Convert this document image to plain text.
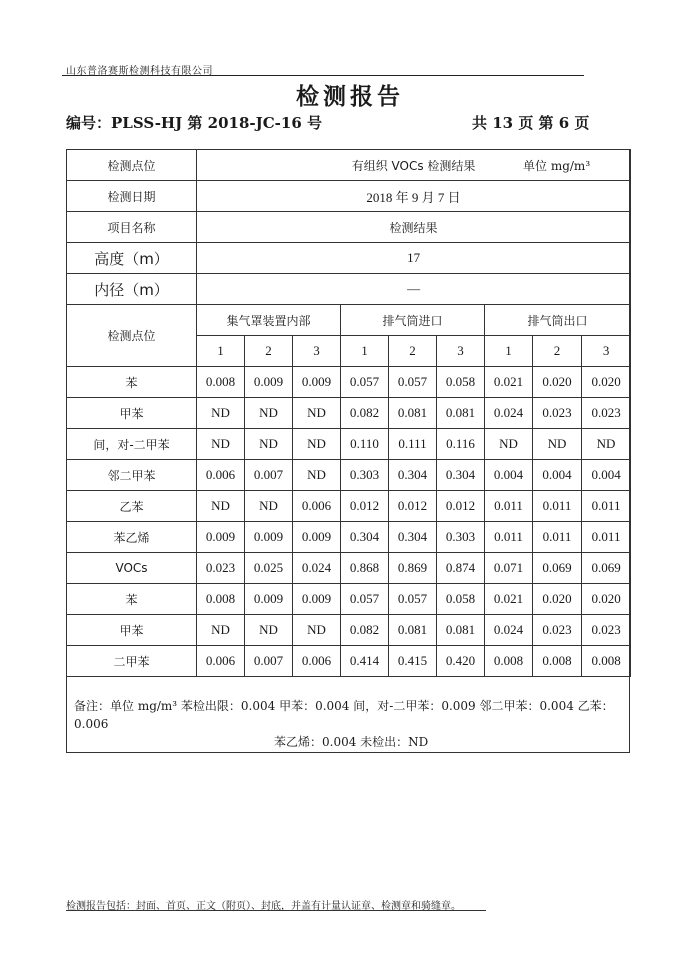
山东普洛赛斯检测科技有限公司
检测报告
编号：PLSS-HJ 第 2018-JC-16 号	共 13 页 第 6 页
检测点位	有组织 VOCs 检测结果 单位 mg/m³								

检测日期	2018 年 9 月 7 日								
项目名称	检测结果								
高度（m）	17								
内径（m）	—								
检测点位	集气罩装置内部			排气筒进口			排气筒出口		
	1	2	3	1	2	3	1	2	3
苯	0.008	0.009	0.009	0.057	0.057	0.058	0.021	0.020	0.020
甲苯	ND	ND	ND	0.082	0.081	0.081	0.024	0.023	0.023
间，对-二甲苯	ND	ND	ND	0.110	0.111	0.116	ND	ND	ND
邻二甲苯	0.006	0.007	ND	0.303	0.304	0.304	0.004	0.004	0.004
乙苯	ND	ND	0.006	0.012	0.012	0.012	0.011	0.011	0.011
苯乙烯	0.009	0.009	0.009	0.304	0.304	0.303	0.011	0.011	0.011
VOCs	0.023	0.025	0.024	0.868	0.869	0.874	0.071	0.069	0.069
苯	0.008	0.009	0.009	0.057	0.057	0.058	0.021	0.020	0.020
甲苯	ND	ND	ND	0.082	0.081	0.081	0.024	0.023	0.023
二甲苯	0.006	0.007	0.006	0.414	0.415	0.420	0.008	0.008	0.008
备注：单位 mg/m³ 苯检出限：0.004 甲苯：0.004 间，对-二甲苯：0.009 邻二甲苯：0.004 乙苯：0.006
苯乙烯：0.004 未检出：ND
检测报告包括：封面、首页、正文（附页）、封底，并盖有计量认证章、检测章和骑缝章。
